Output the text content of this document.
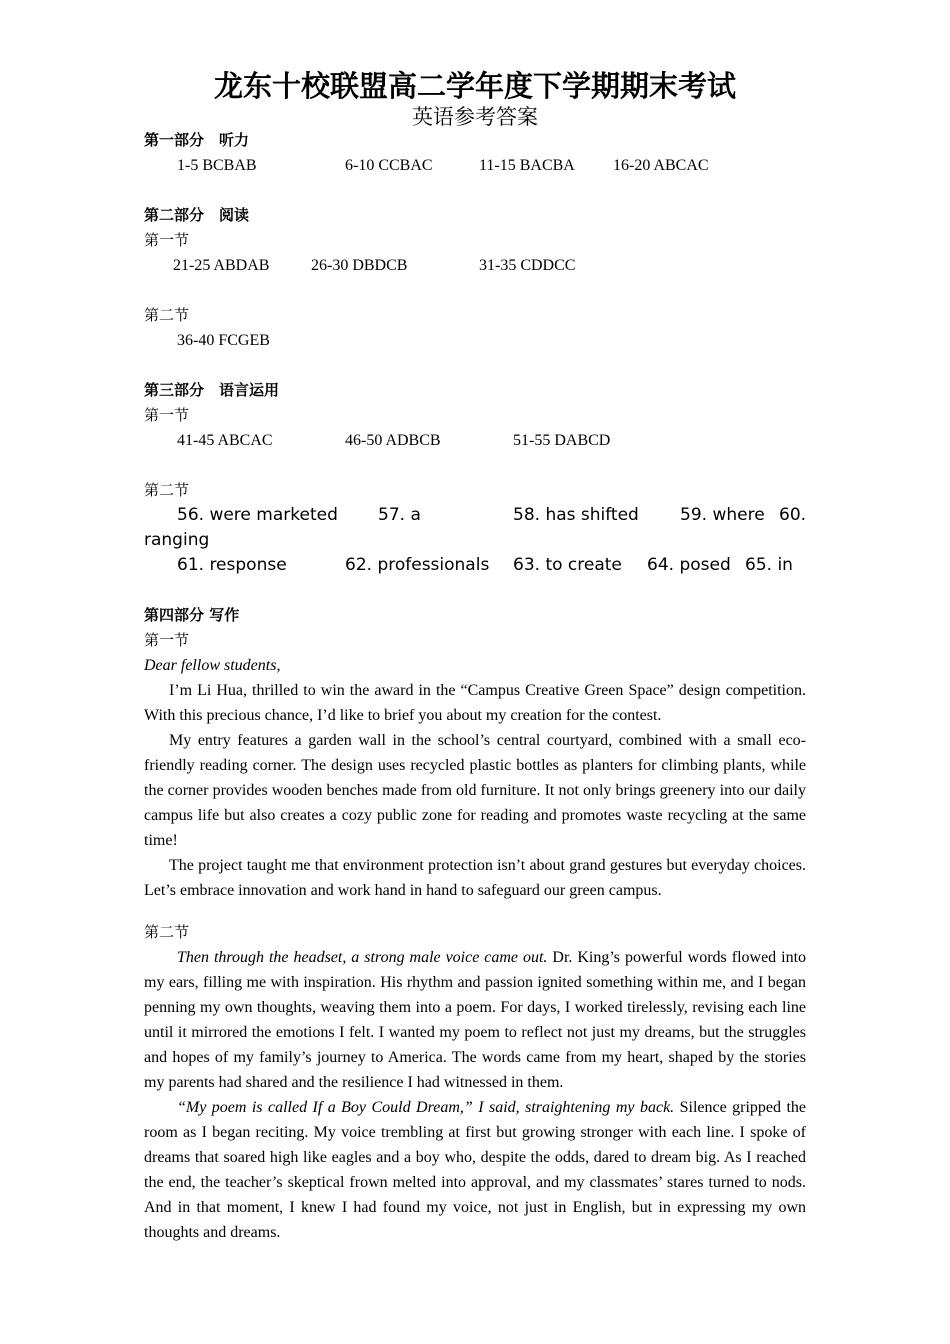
龙东十校联盟高二学年度下学期期末考试
英语参考答案
第一部分　听力
1-5 BCBAB	6-10 CCBAC	11-15 BACBA 16-20 ABCAC
第二部分　阅读
第一节
21-25 ABDAB	26-30 DBDCB	31-35 CDDCC
第二节
36-40 FCGEB
第三部分　语言运用
第一节
41-45 ABCAC	46-50 ADBCB	51-55 DABCD
第二节
56. were marketed 57. a	58. has shifted 59. where 60.
ranging
61. response	62. professionals 63. to create 64. posed 65. in
第四部分 写作
第一节
Dear fellow students,

I’m Li Hua, thrilled to win the award in the “Campus Creative Green Space” design competition. With this precious chance, I’d like to brief you about my creation for the contest.

My entry features a garden wall in the school’s central courtyard, combined with a small eco-friendly reading corner. The design uses recycled plastic bottles as planters for climbing plants, while the corner provides wooden benches made from old furniture. It not only brings greenery into our daily campus life but also creates a cozy public zone for reading and promotes waste recycling at the same time!

The project taught me that environment protection isn’t about grand gestures but everyday choices. Let’s embrace innovation and work hand in hand to safeguard our green campus.

第二节

Then through the headset, a strong male voice came out. Dr. King’s powerful words flowed into my ears, filling me with inspiration. His rhythm and passion ignited something within me, and I began penning my own thoughts, weaving them into a poem. For days, I worked tirelessly, revising each line until it mirrored the emotions I felt. I wanted my poem to reflect not just my dreams, but the struggles and hopes of my family’s journey to America. The words came from my heart, shaped by the stories my parents had shared and the resilience I had witnessed in them.

“My poem is called If a Boy Could Dream,” I said, straightening my back. Silence gripped the room as I began reciting. My voice trembling at first but growing stronger with each line. I spoke of dreams that soared high like eagles and a boy who, despite the odds, dared to dream big. As I reached the end, the teacher’s skeptical frown melted into approval, and my classmates’ stares turned to nods. And in that moment, I knew I had found my voice, not just in English, but in expressing my own thoughts and dreams.
